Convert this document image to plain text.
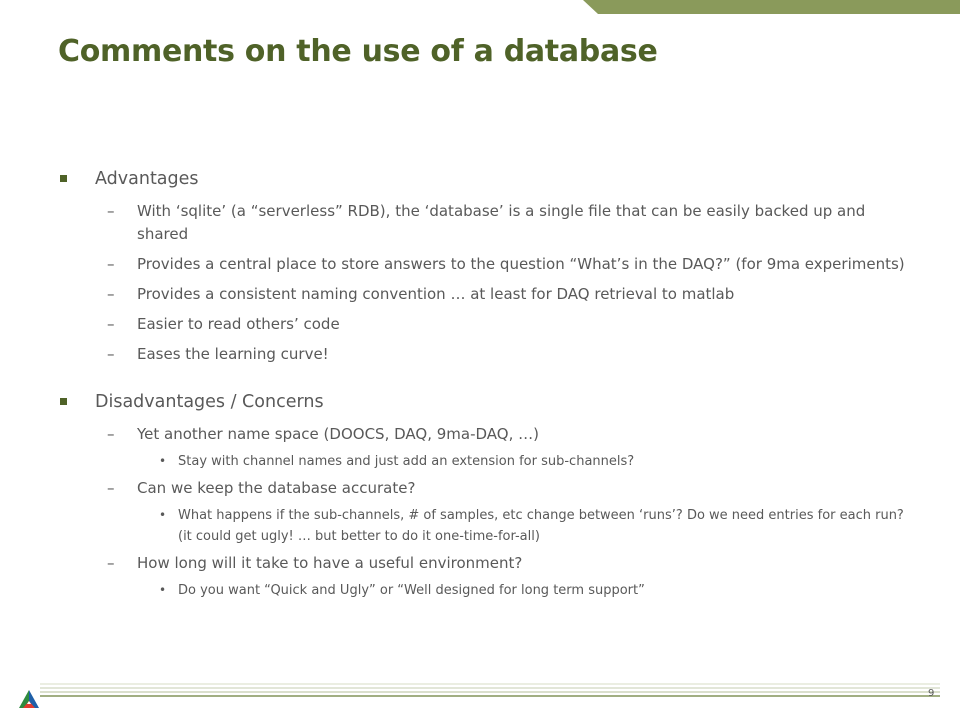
Comments on the use of a database
Advantages
– With ‘sqlite’ (a “serverless” RDB), the ‘database’ is a single file that can be easily backed up and shared
– Provides a central place to store answers to the question “What’s in the DAQ?” (for 9ma experiments)
– Provides a consistent naming convention … at least for DAQ retrieval to matlab
– Easier to read others’ code
– Eases the learning curve!
Disadvantages / Concerns
– Yet another name space (DOOCS, DAQ, 9ma-DAQ, …)
• Stay with channel names and just add an extension for sub-channels?
– Can we keep the database accurate?
• What happens if the sub-channels, # of samples, etc change between ‘runs’? Do we need entries for each run? (it could get ugly! … but better to do it one-time-for-all)
– How long will it take to have a useful environment?
• Do you want “Quick and Ugly” or “Well designed for long term support”
9
